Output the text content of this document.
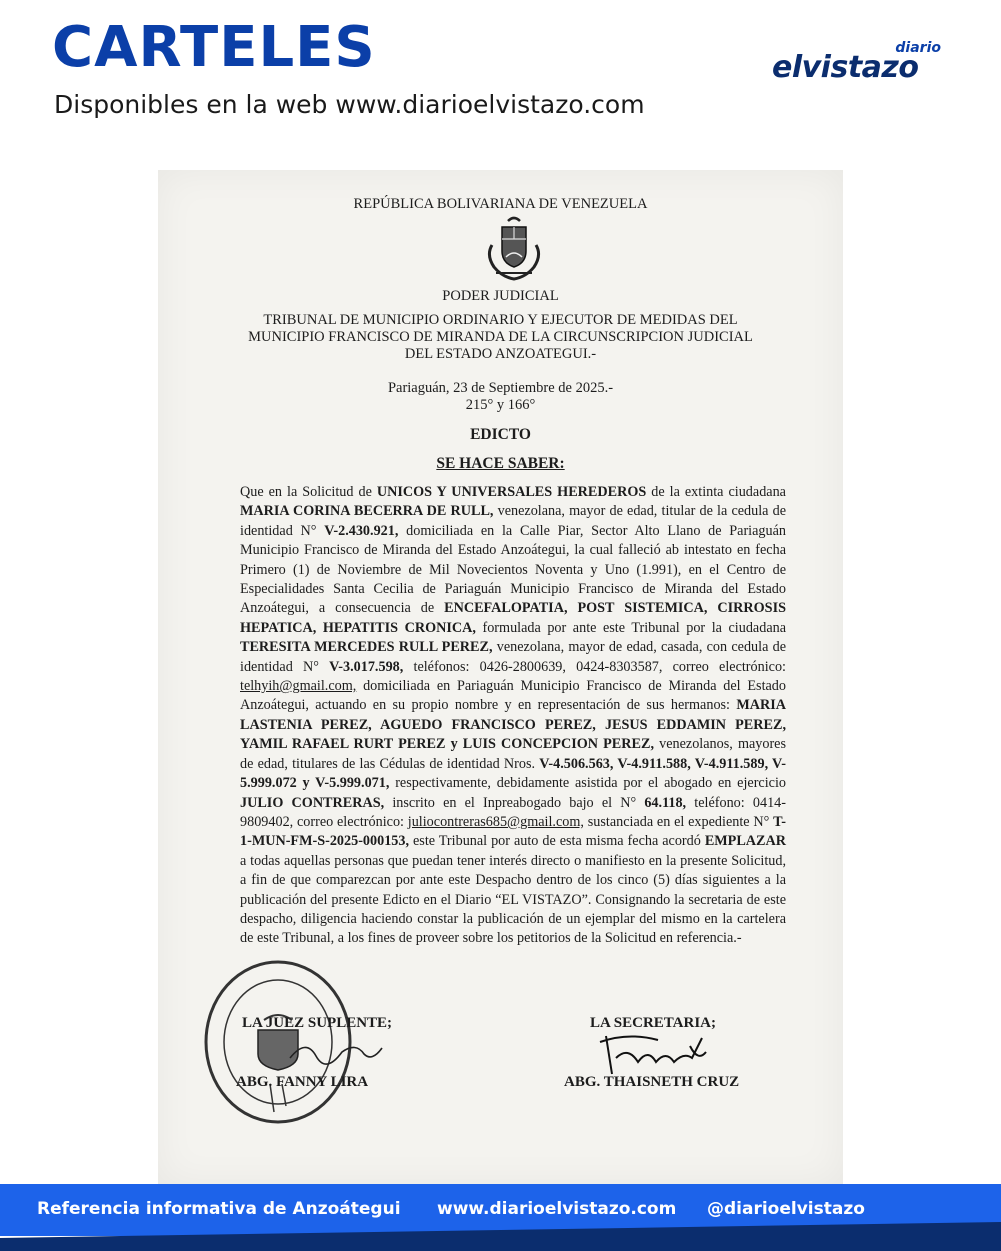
CARTELES
Disponibles en la web www.diarioelvistazo.com
diario
elvistazo
REPÚBLICA BOLIVARIANA DE VENEZUELA
PODER JUDICIAL
TRIBUNAL DE MUNICIPIO ORDINARIO Y EJECUTOR DE MEDIDAS DEL
MUNICIPIO FRANCISCO DE MIRANDA DE LA CIRCUNSCRIPCION JUDICIAL
DEL ESTADO ANZOATEGUI.-
Pariaguán, 23 de Septiembre de 2025.-
215° y 166°
EDICTO
SE HACE SABER:
Que en la Solicitud de UNICOS Y UNIVERSALES HEREDEROS de la extinta ciudadana MARIA CORINA BECERRA DE RULL, venezolana, mayor de edad, titular de la cedula de identidad N° V-2.430.921, domiciliada en la Calle Piar, Sector Alto Llano de Pariaguán Municipio Francisco de Miranda del Estado Anzoátegui, la cual falleció ab intestato en fecha Primero (1) de Noviembre de Mil Novecientos Noventa y Uno (1.991), en el Centro de Especialidades Santa Cecilia de Pariaguán Municipio Francisco de Miranda del Estado Anzoátegui, a consecuencia de ENCEFALOPATIA, POST SISTEMICA, CIRROSIS HEPATICA, HEPATITIS CRONICA, formulada por ante este Tribunal por la ciudadana TERESITA MERCEDES RULL PEREZ, venezolana, mayor de edad, casada, con cedula de identidad N° V-3.017.598, teléfonos: 0426-2800639, 0424-8303587, correo electrónico: telhyih@gmail.com, domiciliada en Pariaguán Municipio Francisco de Miranda del Estado Anzoátegui, actuando en su propio nombre y en representación de sus hermanos: MARIA LASTENIA PEREZ, AGUEDO FRANCISCO PEREZ, JESUS EDDAMIN PEREZ, YAMIL RAFAEL RURT PEREZ y LUIS CONCEPCION PEREZ, venezolanos, mayores de edad, titulares de las Cédulas de identidad Nros. V-4.506.563, V-4.911.588, V-4.911.589, V-5.999.072 y V-5.999.071, respectivamente, debidamente asistida por el abogado en ejercicio JULIO CONTRERAS, inscrito en el Inpreabogado bajo el N° 64.118, teléfono: 0414-9809402, correo electrónico: juliocontreras685@gmail.com, sustanciada en el expediente N° T-1-MUN-FM-S-2025-000153, este Tribunal por auto de esta misma fecha acordó EMPLAZAR a todas aquellas personas que puedan tener interés directo o manifiesto en la presente Solicitud, a fin de que comparezcan por ante este Despacho dentro de los cinco (5) días siguientes a la publicación del presente Edicto en el Diario “EL VISTAZO”. Consignando la secretaria de este despacho, diligencia haciendo constar la publicación de un ejemplar del mismo en la cartelera de este Tribunal, a los fines de proveer sobre los petitorios de la Solicitud en referencia.-
LA JUEZ SUPLENTE;	LA SECRETARIA;
ABG. FANNY LIRA	ABG. THAISNETH CRUZ
Referencia informativa de Anzoátegui www.diarioelvistazo.com @diarioelvistazo
